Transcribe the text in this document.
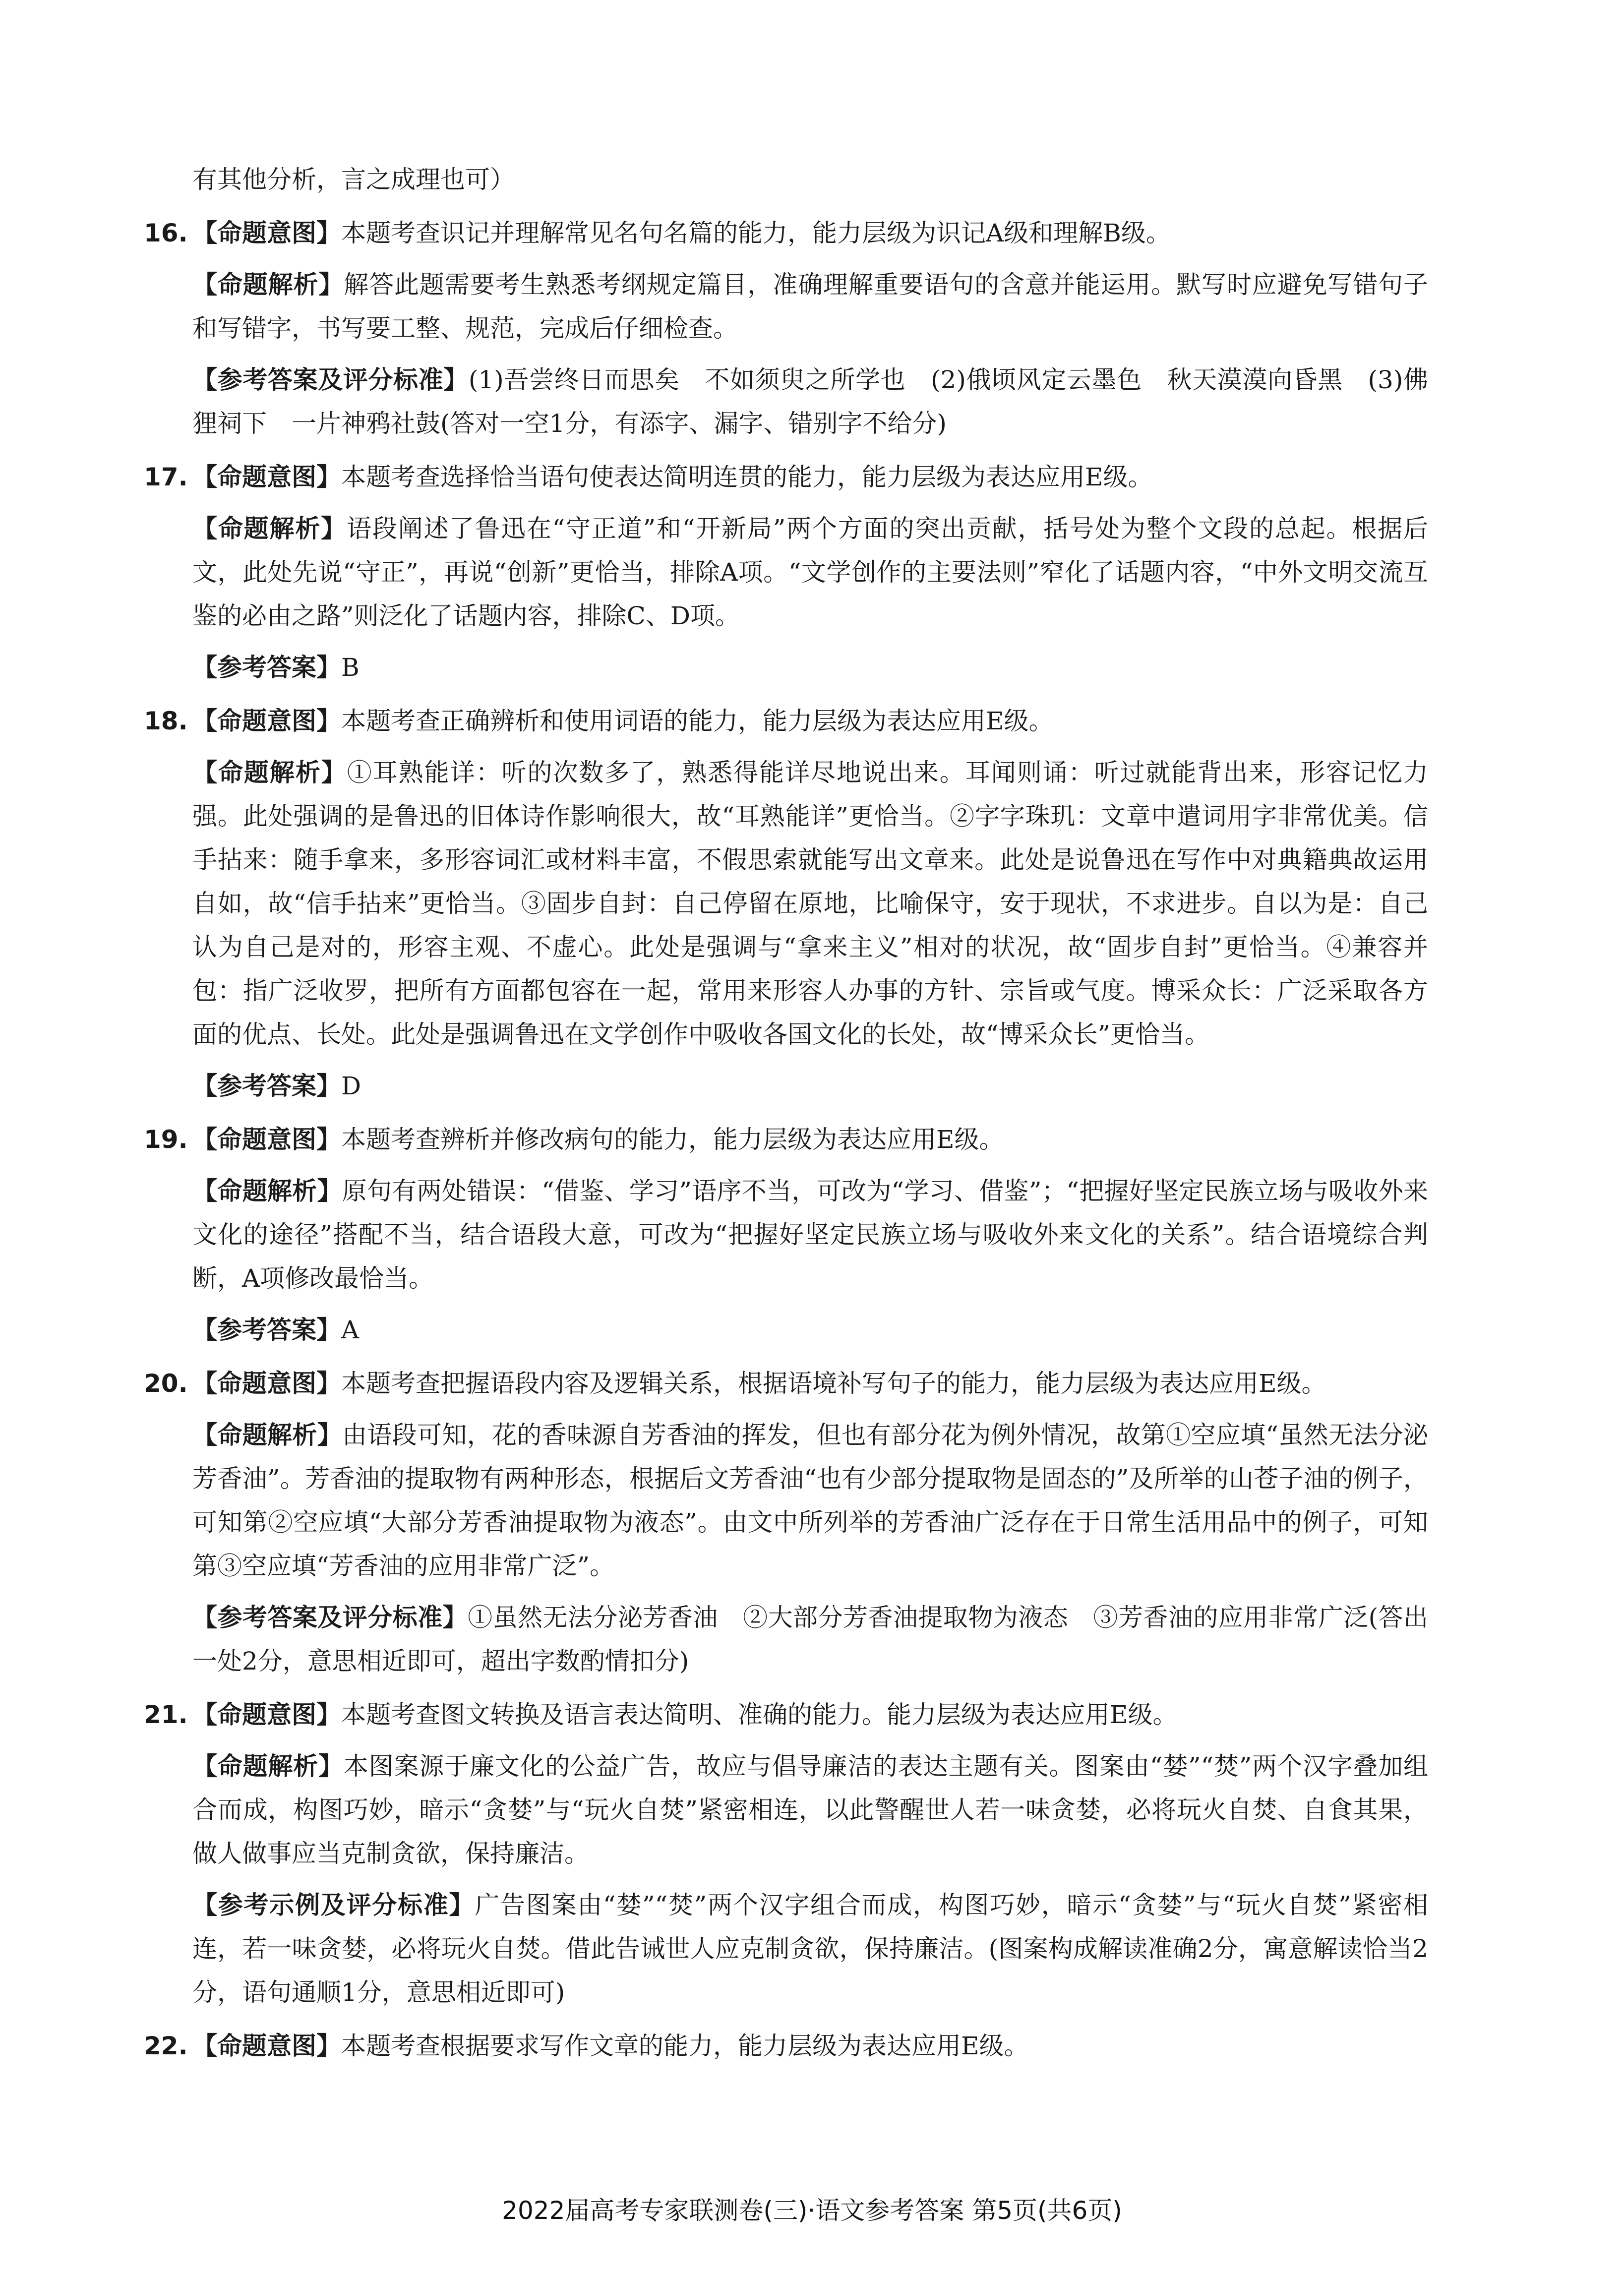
有其他分析，言之成理也可）

16. 【命题意图】本题考查识记并理解常见名句名篇的能力，能力层级为识记A级和理解B级。
【命题解析】解答此题需要考生熟悉考纲规定篇目，准确理解重要语句的含意并能运用。默写时应避免写错句子和写错字，书写要工整、规范，完成后仔细检查。
【参考答案及评分标准】(1)吾尝终日而思矣　不如须臾之所学也　(2)俄顷风定云墨色　秋天漠漠向昏黑　(3)佛狸祠下　一片神鸦社鼓(答对一空1分，有添字、漏字、错别字不给分)
17. 【命题意图】本题考查选择恰当语句使表达简明连贯的能力，能力层级为表达应用E级。
【命题解析】语段阐述了鲁迅在“守正道”和“开新局”两个方面的突出贡献，括号处为整个文段的总起。根据后文，此处先说“守正”，再说“创新”更恰当，排除A项。“文学创作的主要法则”窄化了话题内容，“中外文明交流互鉴的必由之路”则泛化了话题内容，排除C、D项。
【参考答案】B
18. 【命题意图】本题考查正确辨析和使用词语的能力，能力层级为表达应用E级。
【命题解析】①耳熟能详：听的次数多了，熟悉得能详尽地说出来。耳闻则诵：听过就能背出来，形容记忆力强。此处强调的是鲁迅的旧体诗作影响很大，故“耳熟能详”更恰当。②字字珠玑：文章中遣词用字非常优美。信手拈来：随手拿来，多形容词汇或材料丰富，不假思索就能写出文章来。此处是说鲁迅在写作中对典籍典故运用自如，故“信手拈来”更恰当。③固步自封：自己停留在原地，比喻保守，安于现状，不求进步。自以为是：自己认为自己是对的，形容主观、不虚心。此处是强调与“拿来主义”相对的状况，故“固步自封”更恰当。④兼容并包：指广泛收罗，把所有方面都包容在一起，常用来形容人办事的方针、宗旨或气度。博采众长：广泛采取各方面的优点、长处。此处是强调鲁迅在文学创作中吸收各国文化的长处，故“博采众长”更恰当。
【参考答案】D
19. 【命题意图】本题考查辨析并修改病句的能力，能力层级为表达应用E级。
【命题解析】原句有两处错误：“借鉴、学习”语序不当，可改为“学习、借鉴”；“把握好坚定民族立场与吸收外来文化的途径”搭配不当，结合语段大意，可改为“把握好坚定民族立场与吸收外来文化的关系”。结合语境综合判断，A项修改最恰当。
【参考答案】A
20. 【命题意图】本题考查把握语段内容及逻辑关系，根据语境补写句子的能力，能力层级为表达应用E级。
【命题解析】由语段可知，花的香味源自芳香油的挥发，但也有部分花为例外情况，故第①空应填“虽然无法分泌芳香油”。芳香油的提取物有两种形态，根据后文芳香油“也有少部分提取物是固态的”及所举的山苍子油的例子，可知第②空应填“大部分芳香油提取物为液态”。由文中所列举的芳香油广泛存在于日常生活用品中的例子，可知第③空应填“芳香油的应用非常广泛”。
【参考答案及评分标准】①虽然无法分泌芳香油　②大部分芳香油提取物为液态　③芳香油的应用非常广泛(答出一处2分，意思相近即可，超出字数酌情扣分)
21. 【命题意图】本题考查图文转换及语言表达简明、准确的能力。能力层级为表达应用E级。
【命题解析】本图案源于廉文化的公益广告，故应与倡导廉洁的表达主题有关。图案由“婪”“焚”两个汉字叠加组合而成，构图巧妙，暗示“贪婪”与“玩火自焚”紧密相连，以此警醒世人若一味贪婪，必将玩火自焚、自食其果，做人做事应当克制贪欲，保持廉洁。
【参考示例及评分标准】广告图案由“婪”“焚”两个汉字组合而成，构图巧妙，暗示“贪婪”与“玩火自焚”紧密相连，若一味贪婪，必将玩火自焚。借此告诫世人应克制贪欲，保持廉洁。(图案构成解读准确2分，寓意解读恰当2分，语句通顺1分，意思相近即可)
22. 【命题意图】本题考查根据要求写作文章的能力，能力层级为表达应用E级。
2022届高考专家联测卷(三)·语文参考答案 第5页(共6页)
